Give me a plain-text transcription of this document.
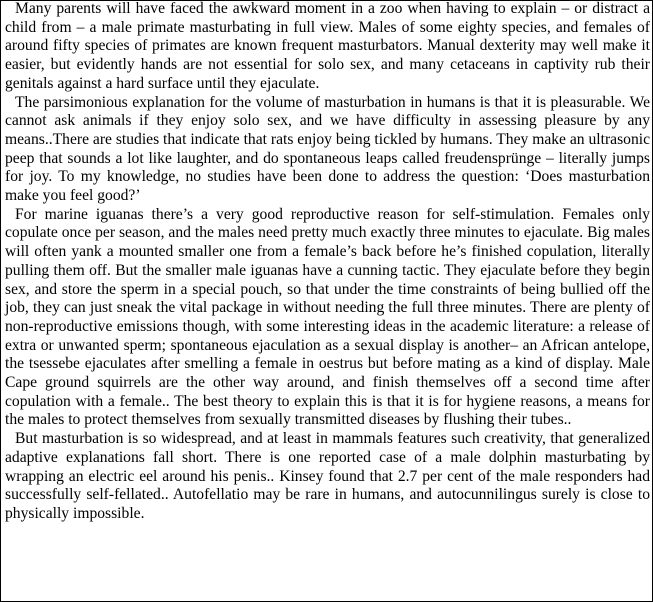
Many parents will have faced the awkward moment in a zoo when having to explain – or distract a child from – a male primate masturbating in full view. Males of some eighty species, and females of around fifty species of primates are known frequent masturbators. Manual dexterity may well make it easier, but evidently hands are not essential for solo sex, and many cetaceans in captivity rub their genitals against a hard surface until they ejaculate.

The parsimonious explanation for the volume of masturbation in humans is that it is pleasurable. We cannot ask animals if they enjoy solo sex, and we have difficulty in assessing pleasure by any means..There are studies that indicate that rats enjoy being tickled by humans. They make an ultrasonic peep that sounds a lot like laughter, and do spontaneous leaps called freudensprünge – literally jumps for joy. To my knowledge, no studies have been done to address the question: ‘Does masturbation make you feel good?’

For marine iguanas there’s a very good reproductive reason for self-stimulation. Females only copulate once per season, and the males need pretty much exactly three minutes to ejaculate. Big males will often yank a mounted smaller one from a female’s back before he’s finished copulation, literally pulling them off. But the smaller male iguanas have a cunning tactic. They ejaculate before they begin sex, and store the sperm in a special pouch, so that under the time constraints of being bullied off the job, they can just sneak the vital package in without needing the full three minutes. There are plenty of non-reproductive emissions though, with some interesting ideas in the academic literature: a release of extra or unwanted sperm; spontaneous ejaculation as a sexual display is another– an African antelope, the tsessebe ejaculates after smelling a female in oestrus but before mating as a kind of display. Male Cape ground squirrels are the other way around, and finish themselves off a second time after copulation with a female.. The best theory to explain this is that it is for hygiene reasons, a means for the males to protect themselves from sexually transmitted diseases by flushing their tubes..

But masturbation is so widespread, and at least in mammals features such creativity, that generalized adaptive explanations fall short. There is one reported case of a male dolphin masturbating by wrapping an electric eel around his penis.. Kinsey found that 2.7 per cent of the male responders had successfully self-fellated.. Autofellatio may be rare in humans, and autocunnilingus surely is close to physically impossible.
